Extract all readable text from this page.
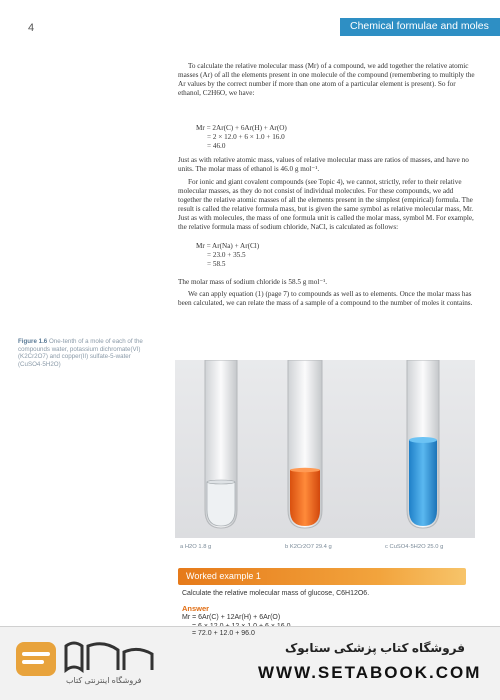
4	Chemical formulae and moles

To calculate the relative molecular mass (Mr) of a compound, we add together the relative atomic masses (Ar) of all the elements present in one molecule of the compound (remembering to multiply the Ar values by the correct number if more than one atom of a particular element is present). So for ethanol, C2H6O, we have:

Mr = 2Ar(C) + 6Ar(H) + Ar(O)
= 2 × 12.0 + 6 × 1.0 + 16.0
= 46.0

Just as with relative atomic mass, values of relative molecular mass are ratios of masses, and have no units. The molar mass of ethanol is 46.0 g mol⁻¹.

For ionic and giant covalent compounds (see Topic 4), we cannot, strictly, refer to their relative molecular masses, as they do not consist of individual molecules. For these compounds, we add together the relative atomic masses of all the elements present in the simplest (empirical) formula. The result is called the relative formula mass, but is given the same symbol as relative molecular mass, Mr. Just as with molecules, the mass of one formula unit is called the molar mass, symbol M. For example, the relative formula mass of sodium chloride, NaCl, is calculated as follows:

Mr = Ar(Na) + Ar(Cl)
= 23.0 + 35.5
= 58.5

The molar mass of sodium chloride is 58.5 g mol⁻¹.

We can apply equation (1) (page 7) to compounds as well as to elements. Once the molar mass has been calculated, we can relate the mass of a sample of a compound to the number of moles it contains.

Figure 1.6 One-tenth of a mole of each of the compounds water, potassium dichromate(VI) (K2Cr2O7) and copper(II) sulfate-5-water (CuSO4·5H2O)
a H2O 1.8 g	b K2Cr2O7 29.4 g	c CuSO4·5H2O 25.0 g
Worked example 1
Calculate the relative molecular mass of glucose, C6H12O6.
Answer
Mr = 6Ar(C) + 12Ar(H) + 6Ar(O)
= 72.0 + 12.0 + 96.0
فروشگاه اینترنتی کتاب
فروشگاه کتاب پزشکی ستابوک
WWW.SETABOOK.COM
